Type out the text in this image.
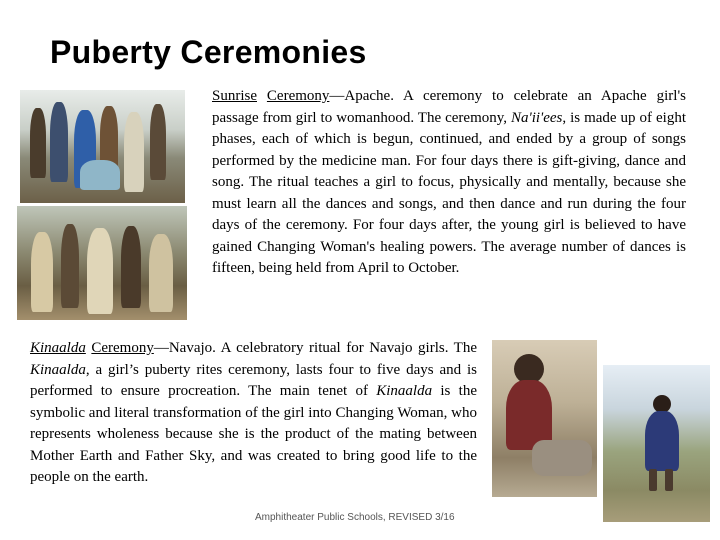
Puberty Ceremonies
Sunrise Ceremony—Apache. A ceremony to celebrate an Apache girl's passage from girl to womanhood. The ceremony, Na'ii'ees, is made up of eight phases, each of which is begun, continued, and ended by a group of songs performed by the medicine man. For four days there is gift-giving, dance and song. The ritual teaches a girl to focus, physically and mentally, because she must learn all the dances and songs, and then dance and run during the four days of the ceremony. For four days after, the young girl is believed to have gained Changing Woman's healing powers. The average number of dances is fifteen, being held from April to October.
Kinaalda Ceremony—Navajo. A celebratory ritual for Navajo girls. The Kinaalda, a girl’s puberty rites ceremony, lasts four to five days and is performed to ensure procreation. The main tenet of Kinaalda is the symbolic and literal transformation of the girl into Changing Woman, who represents wholeness because she is the product of the mating between Mother Earth and Father Sky, and was created to bring good life to the people on the earth.
Amphitheater Public Schools, REVISED 3/16
